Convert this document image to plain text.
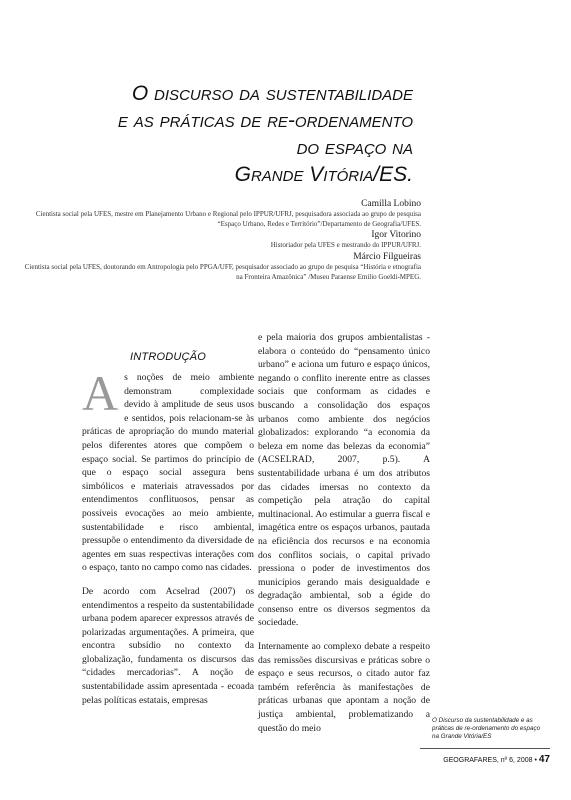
O discurso da sustentabilidade
e as práticas de re-ordenamento
do espaço na
Grande Vitória/ES.
Camilla Lobino
Cientista social pela UFES, mestre em Planejamento Urbano e Regional pelo IPPUR/UFRJ, pesquisadora associada ao grupo de pesquisa “Espaço Urbano, Redes e Território”/Departamento de Geografia/UFES.
Igor Vitorino
Historiador pela UFES e mestrando do IPPUR/UFRJ.
Márcio Filgueiras
Cientista social pela UFES, doutorando em Antropologia pelo PPGA/UFF, pesquisador associado ao grupo de pesquisa “História e etnografia na Fronteira Amazônica” /Museu Paraense Emilio Goeldi-MPEG.
INTRODUÇÃO

As noções de meio ambiente demonstram complexidade devido à amplitude de seus usos e sentidos, pois relacionam-se às práticas de apropriação do mundo material pelos diferentes atores que compõem o espaço social. Se partimos do princípio de que o espaço social assegura bens simbólicos e materiais atravessados por entendimentos conflituosos, pensar as possíveis evocações ao meio ambiente, sustentabilidade e risco ambiental, pressupõe o entendimento da diversidade de agentes em suas respectivas interações com o espaço, tanto no campo como nas cidades.

De acordo com Acselrad (2007) os entendimentos a respeito da sustentabilidade urbana podem aparecer expressos através de polarizadas argumentações. A primeira, que encontra subsídio no contexto da globalização, fundamenta os discursos das “cidades mercadorias”. A noção de sustentabilidade assim apresentada - ecoada pelas políticas estatais, empresas

e pela maioria dos grupos ambientalistas - elabora o conteúdo do “pensamento único urbano” e aciona um futuro e espaço únicos, negando o conflito inerente entre as classes sociais que conformam as cidades e buscando a consolidação dos espaços urbanos como ambiente dos negócios globalizados: explorando “a economia da beleza em nome das belezas da economia” (ACSELRAD, 2007, p.5). A sustentabilidade urbana é um dos atributos das cidades imersas no contexto da competição pela atração do capital multinacional. Ao estimular a guerra fiscal e imagética entre os espaços urbanos, pautada na eficiência dos recursos e na economia dos conflitos sociais, o capital privado pressiona o poder de investimentos dos municípios gerando mais desigualdade e degradação ambiental, sob a égide do consenso entre os diversos segmentos da sociedade.

Internamente ao complexo debate a respeito das remissões discursivas e práticas sobre o espaço e seus recursos, o citado autor faz também referência às manifestações de práticas urbanas que apontam a noção de justiça ambiental, problematizando a questão do meio

O Discurso da sustentabilidade e as práticas de re-ordenamento do espaço na Grande Vitória/ES
GEOGRAFARES, nº 6, 2008 • 47
